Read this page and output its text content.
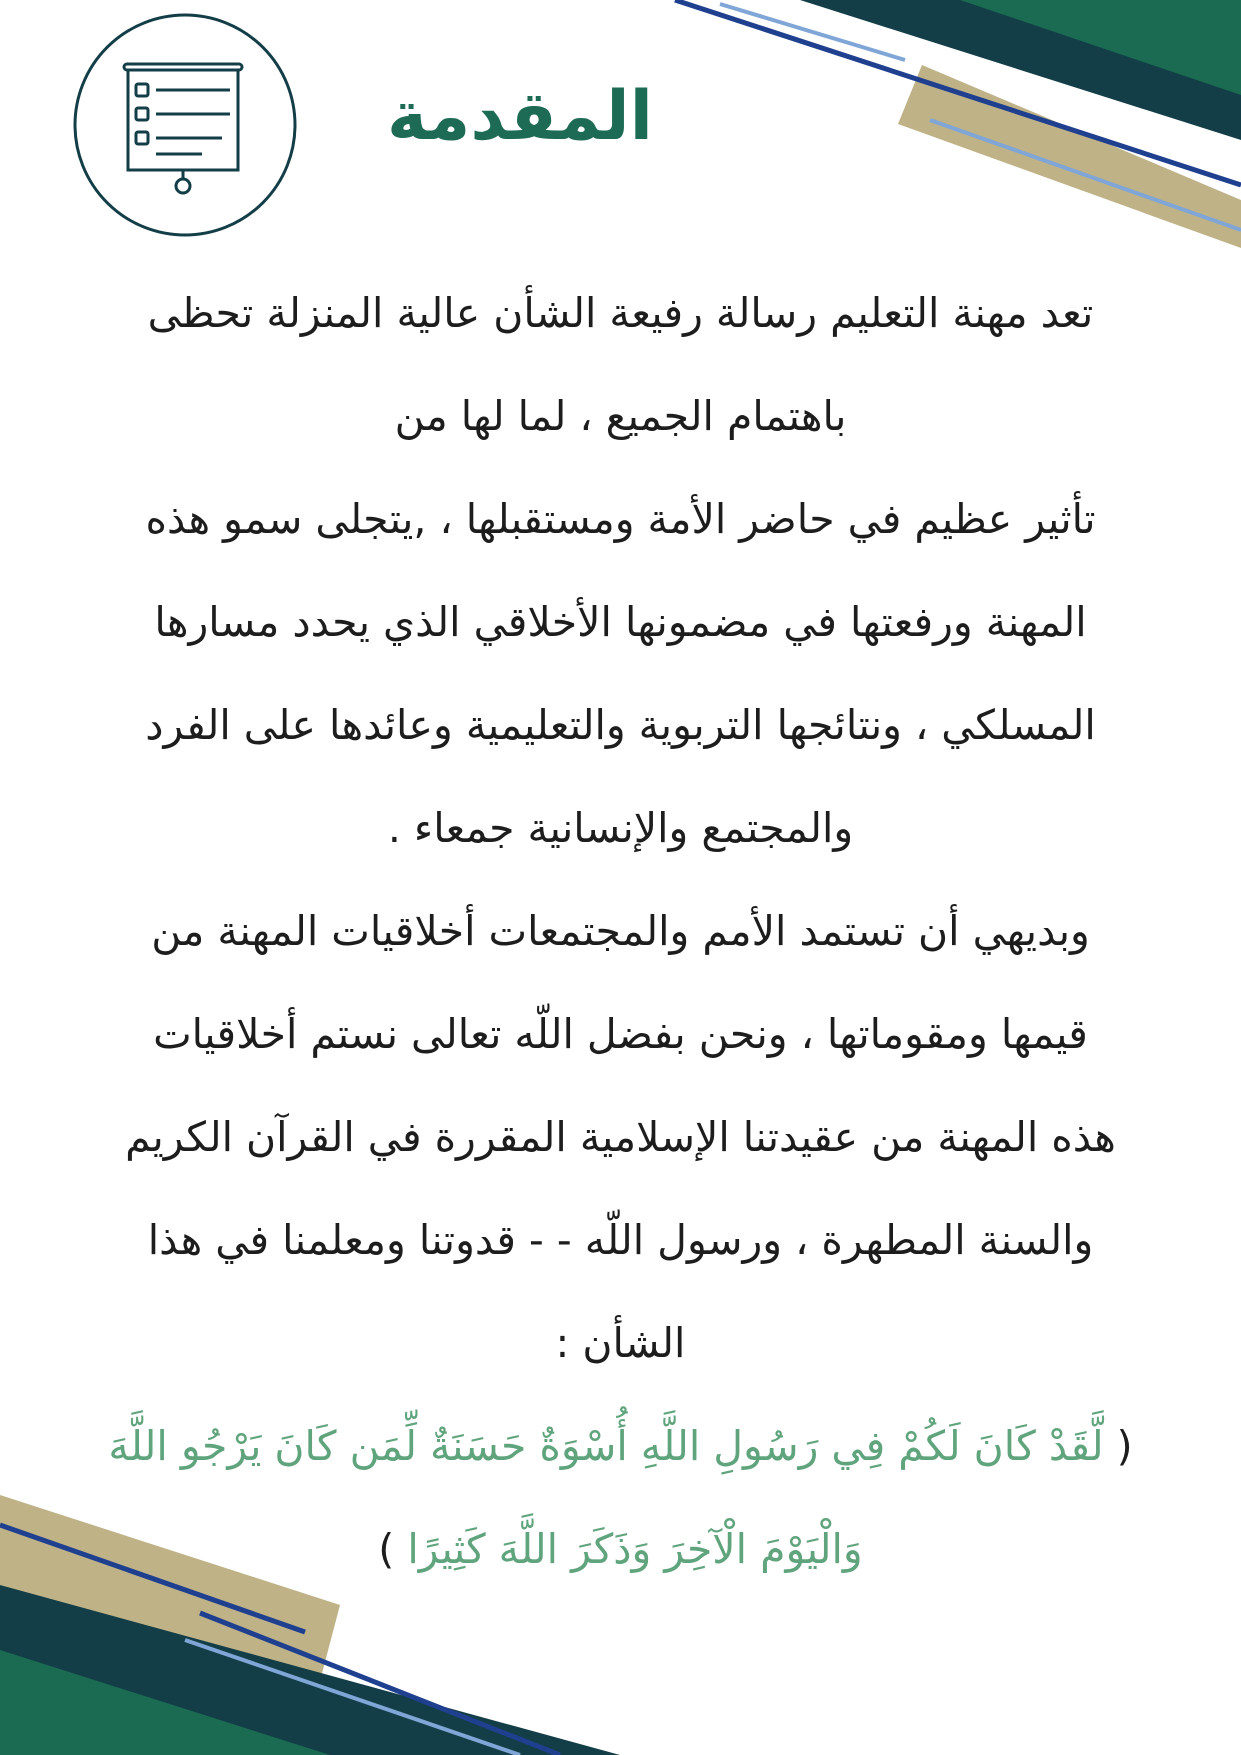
المقدمة
تعد مهنة التعليم رسالة رفيعة الشأن عالية المنزلة تحظى
باهتمام الجميع ، لما لها من
تأثير عظيم في حاضر الأمة ومستقبلها ، ,يتجلى سمو هذه
المهنة ورفعتها في مضمونها الأخلاقي الذي يحدد مسارها
المسلكي ، ونتائجها التربوية والتعليمية وعائدها على الفرد
والمجتمع والإنسانية جمعاء .
وبديهي أن تستمد الأمم والمجتمعات أخلاقيات المهنة من
قيمها ومقوماتها ، ونحن بفضل اللّه تعالى نستم أخلاقيات
هذه المهنة من عقيدتنا الإسلامية المقررة في القرآن الكريم
والسنة المطهرة ، ورسول اللّه - - قدوتنا ومعلمنا في هذا
الشأن :
( لَّقَدْ كَانَ لَكُمْ فِي رَسُولِ اللَّهِ أُسْوَةٌ حَسَنَةٌ لِّمَن كَانَ يَرْجُو اللَّهَ
وَالْيَوْمَ الْآخِرَ وَذَكَرَ اللَّهَ كَثِيرًا )
